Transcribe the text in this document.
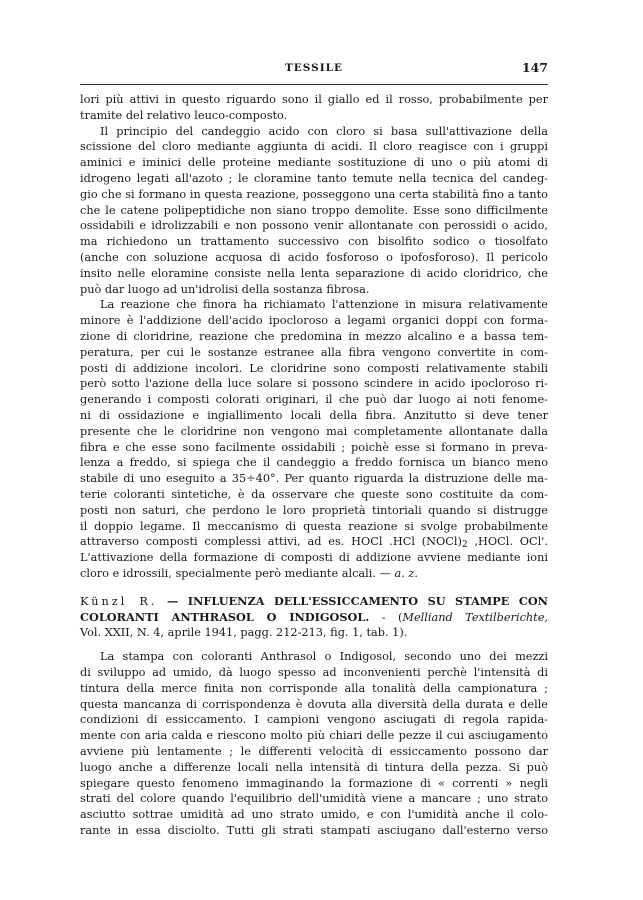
TESSILE	147
lori più attivi in questo riguardo sono il giallo ed il rosso, probabilmente per
tramite del relativo leuco-composto.
Il principio del candeggio acido con cloro si basa sull'attivazione della
scissione del cloro mediante aggiunta di acidi. Il cloro reagisce con i gruppi
aminici e iminici delle proteine mediante sostituzione di uno o più atomi di
idrogeno legati all'azoto ; le cloramine tanto temute nella tecnica del candeg-
gio che si formano in questa reazione, posseggono una certa stabilità fino a tanto
che le catene polipeptidiche non siano troppo demolite. Esse sono difficilmente
ossidabili e idrolizzabili e non possono venir allontanate con perossidi o acido,
ma richiedono un trattamento successivo con bisolfito sodico o tiosolfato
(anche con soluzione acquosa di acido fosforoso o ipofosforoso). Il pericolo
insito nelle eloramine consiste nella lenta separazione di acido cloridrico, che
può dar luogo ad un'idrolisi della sostanza fibrosa.
La reazione che finora ha richiamato l'attenzione in misura relativamente
minore è l'addizione dell'acido ipocloroso a legami organici doppi con forma-
zione di cloridrine, reazione che predomina in mezzo alcalino e a bassa tem-
peratura, per cui le sostanze estranee alla fibra vengono convertite in com-
posti di addizione incolori. Le cloridrine sono composti relativamente stabili
però sotto l'azione della luce solare si possono scindere in acido ipocloroso ri-
generando i composti colorati originari, il che può dar luogo ai noti fenome-
ni di ossidazione e ingiallimento locali della fibra. Anzitutto si deve tener
presente che le cloridrine non vengono mai completamente allontanate dalla
fibra e che esse sono facilmente ossidabili ; poichè esse si formano in preva-
lenza a freddo, si spiega che il candeggio a freddo fornisca un bianco meno
stabile di uno eseguito a 35÷40°. Per quanto riguarda la distruzione delle ma-
terie coloranti sintetiche, è da osservare che queste sono costituite da com-
posti non saturi, che perdono le loro proprietà tintoriali quando si distrugge
il doppio legame. Il meccanismo di questa reazione si svolge probabilmente
attraverso composti complessi attivi, ad es. HOCl .HCl $(NOCl)_2$ ,HOCl. OCl'.
L'attivazione della formazione di composti di addizione avviene mediante ioni
cloro e idrossili, specialmente però mediante alcali. — a. z.
Künzl R. — INFLUENZA DELL'ESSICCAMENTO SU STAMPE CON
COLORANTI ANTHRASOL O INDIGOSOL. - (Melliand Textilberichte,
Vol. XXII, N. 4, aprile 1941, pagg. 212-213, fig. 1, tab. 1).
La stampa con coloranti Anthrasol o Indigosol, secondo uno dei mezzi
di sviluppo ad umido, dà luogo spesso ad inconvenienti perchè l'intensità di
tintura della merce finita non corrisponde alla tonalità della campionatura ;
questa mancanza di corrispondenza è dovuta alla diversità della durata e delle
condizioni di essiccamento. I campioni vengono asciugati di regola rapida-
mente con aria calda e riescono molto più chiari delle pezze il cui asciugamento
avviene più lentamente ; le differenti velocità di essiccamento possono dar
luogo anche a differenze locali nella intensità di tintura della pezza. Si può
spiegare questo fenomeno immaginando la formazione di « correnti » negli
strati del colore quando l'equilibrio dell'umidità viene a mancare ; uno strato
asciutto sottrae umidità ad uno strato umido, e con l'umidità anche il colo-
rante in essa disciolto. Tutti gli strati stampati asciugano dall'esterno verso
